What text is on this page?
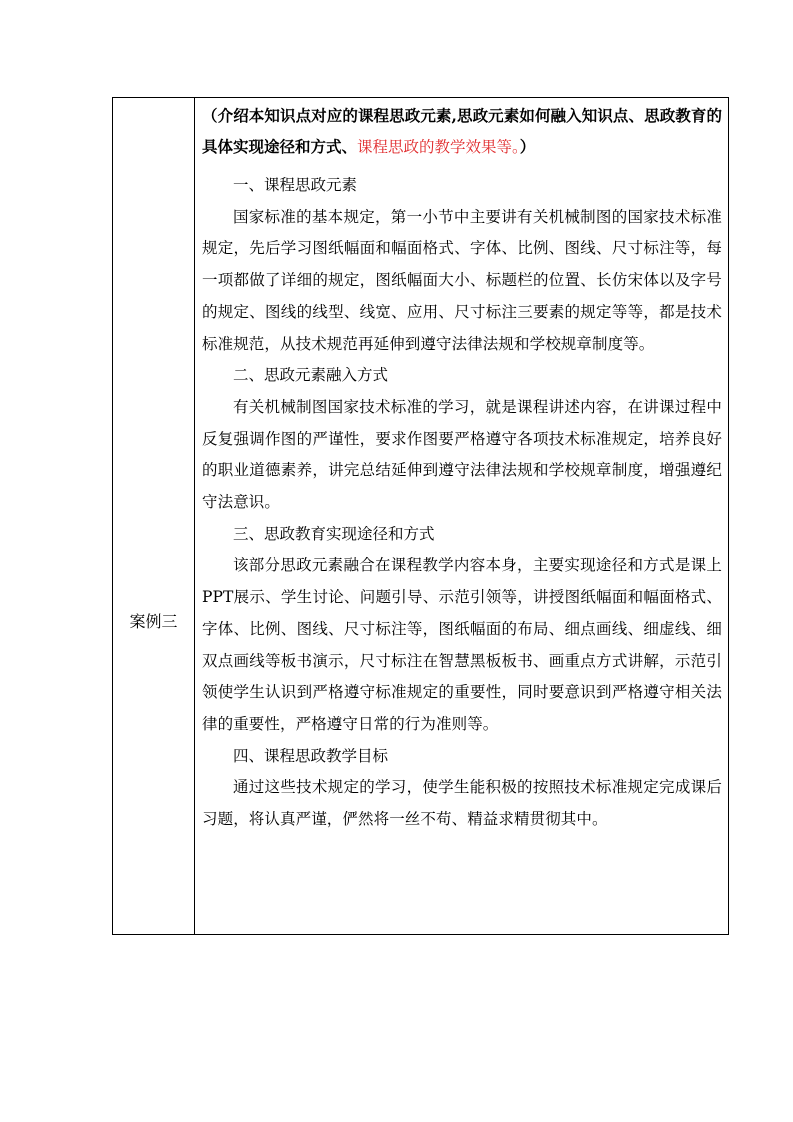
案例三

（介绍本知识点对应的课程思政元素,思政元素如何融入知识点、思政教育的具体实现途径和方式、课程思政的教学效果等。）

一、课程思政元素

国家标准的基本规定，第一小节中主要讲有关机械制图的国家技术标准规定，先后学习图纸幅面和幅面格式、字体、比例、图线、尺寸标注等，每一项都做了详细的规定，图纸幅面大小、标题栏的位置、长仿宋体以及字号的规定、图线的线型、线宽、应用、尺寸标注三要素的规定等等，都是技术标准规范，从技术规范再延伸到遵守法律法规和学校规章制度等。

二、思政元素融入方式

有关机械制图国家技术标准的学习，就是课程讲述内容，在讲课过程中反复强调作图的严谨性，要求作图要严格遵守各项技术标准规定，培养良好的职业道德素养，讲完总结延伸到遵守法律法规和学校规章制度，增强遵纪守法意识。

三、思政教育实现途径和方式

该部分思政元素融合在课程教学内容本身，主要实现途径和方式是课上PPT展示、学生讨论、问题引导、示范引领等，讲授图纸幅面和幅面格式、字体、比例、图线、尺寸标注等，图纸幅面的布局、细点画线、细虚线、细双点画线等板书演示，尺寸标注在智慧黑板板书、画重点方式讲解，示范引领使学生认识到严格遵守标准规定的重要性，同时要意识到严格遵守相关法律的重要性，严格遵守日常的行为准则等。

四、课程思政教学目标

通过这些技术规定的学习，使学生能积极的按照技术标准规定完成课后习题，将认真严谨，俨然将一丝不苟、精益求精贯彻其中。
